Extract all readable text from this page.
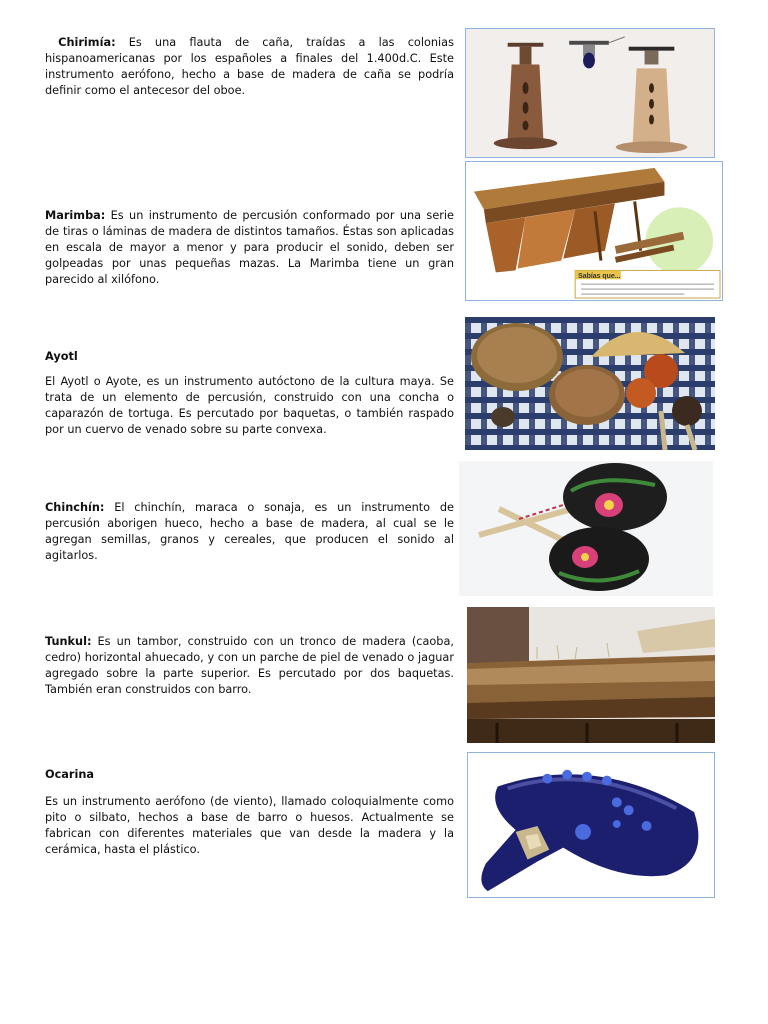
Chirimía: Es una flauta de caña, traídas a las colonias hispanoamericanas por los españoles a finales del 1.400d.C. Este instrumento aerófono, hecho a base de madera de caña se podría definir como el antecesor del oboe.

Marimba: Es un instrumento de percusión conformado por una serie de tiras o láminas de madera de distintos tamaños. Éstas son aplicadas en escala de mayor a menor y para producir el sonido, deben ser golpeadas por unas pequeñas mazas. La Marimba tiene un gran parecido al xilófono.	Sabías que...

Ayotl

El Ayotl o Ayote, es un instrumento autóctono de la cultura maya. Se trata de un elemento de percusión, construido con una concha o caparazón de tortuga. Es percutado por baquetas, o también raspado por un cuervo de venado sobre su parte convexa.

Chinchín: El chinchín, maraca o sonaja, es un instrumento de percusión aborigen hueco, hecho a base de madera, al cual se le agregan semillas, granos y cereales, que producen el sonido al agitarlos.

Tunkul: Es un tambor, construido con un tronco de madera (caoba, cedro) horizontal ahuecado, y con un parche de piel de venado o jaguar agregado sobre la parte superior. Es percutado por dos baquetas. También eran construidos con barro.

Ocarina

Es un instrumento aerófono (de viento), llamado coloquialmente como pito o silbato, hechos a base de barro o huesos. Actualmente se fabrican con diferentes materiales que van desde la madera y la cerámica, hasta el plástico.
